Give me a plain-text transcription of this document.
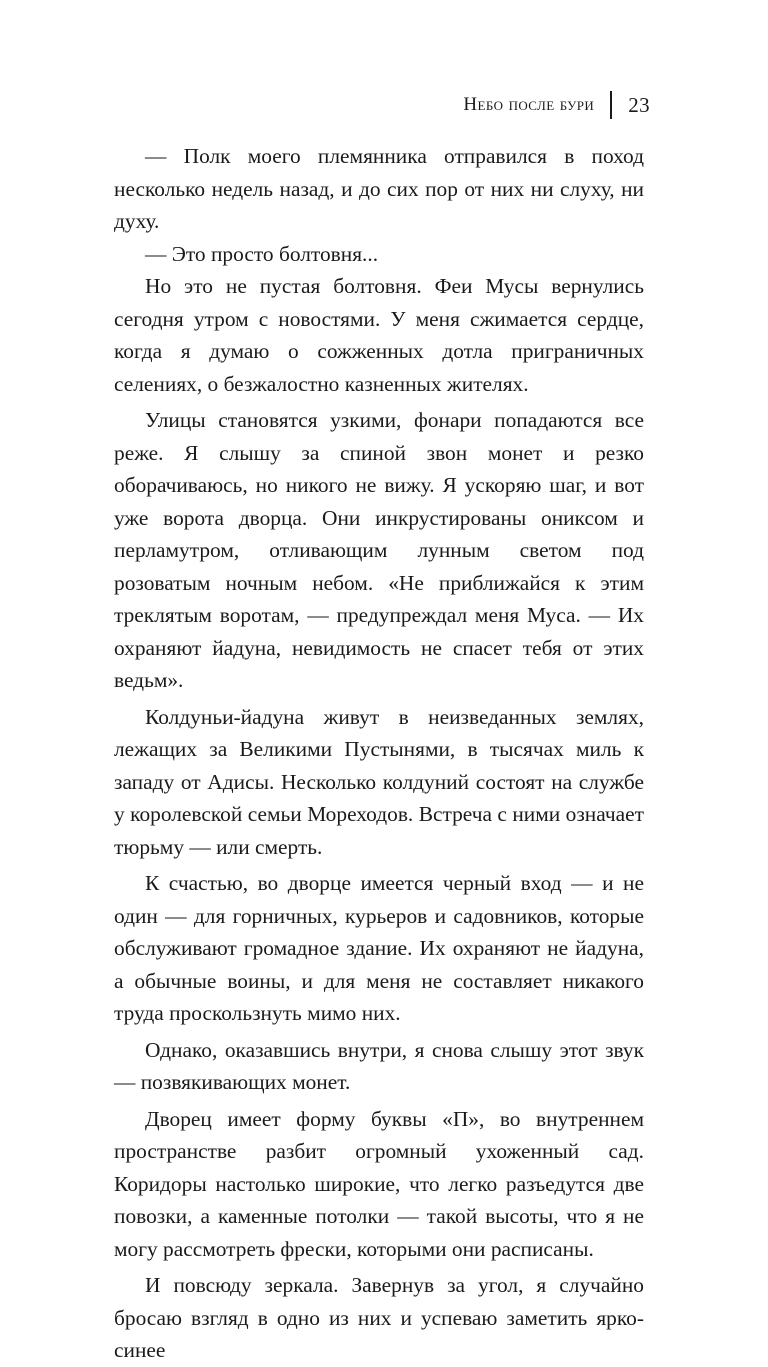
Небо после бури 23

— Полк моего племянника отправился в поход несколько недель назад, и до сих пор от них ни слуху, ни духу.

— Это просто болтовня...

Но это не пустая болтовня. Феи Мусы вернулись сегодня утром с новостями. У меня сжимается сердце, когда я думаю о сожженных дотла приграничных селениях, о безжалостно казненных жителях.

Улицы становятся узкими, фонари попадаются все реже. Я слышу за спиной звон монет и резко оборачиваюсь, но никого не вижу. Я ускоряю шаг, и вот уже ворота дворца. Они инкрустированы ониксом и перламутром, отливающим лунным светом под розоватым ночным небом. «Не приближайся к этим треклятым воротам, — предупреждал меня Муса. — Их охраняют йадуна, невидимость не спасет тебя от этих ведьм».

Колдуньи-йадуна живут в неизведанных землях, лежащих за Великими Пустынями, в тысячах миль к западу от Адисы. Несколько колдуний состоят на службе у королевской семьи Мореходов. Встреча с ними означает тюрьму — или смерть.

К счастью, во дворце имеется черный вход — и не один — для горничных, курьеров и садовников, которые обслуживают громадное здание. Их охраняют не йадуна, а обычные воины, и для меня не составляет никакого труда проскользнуть мимо них.

Однако, оказавшись внутри, я снова слышу этот звук — позвякивающих монет.

Дворец имеет форму буквы «П», во внутреннем пространстве разбит огромный ухоженный сад. Коридоры настолько широкие, что легко разъедутся две повозки, а каменные потолки — такой высоты, что я не могу рассмотреть фрески, которыми они расписаны.

И повсюду зеркала. Завернув за угол, я случайно бросаю взгляд в одно из них и успеваю заметить ярко-синее
